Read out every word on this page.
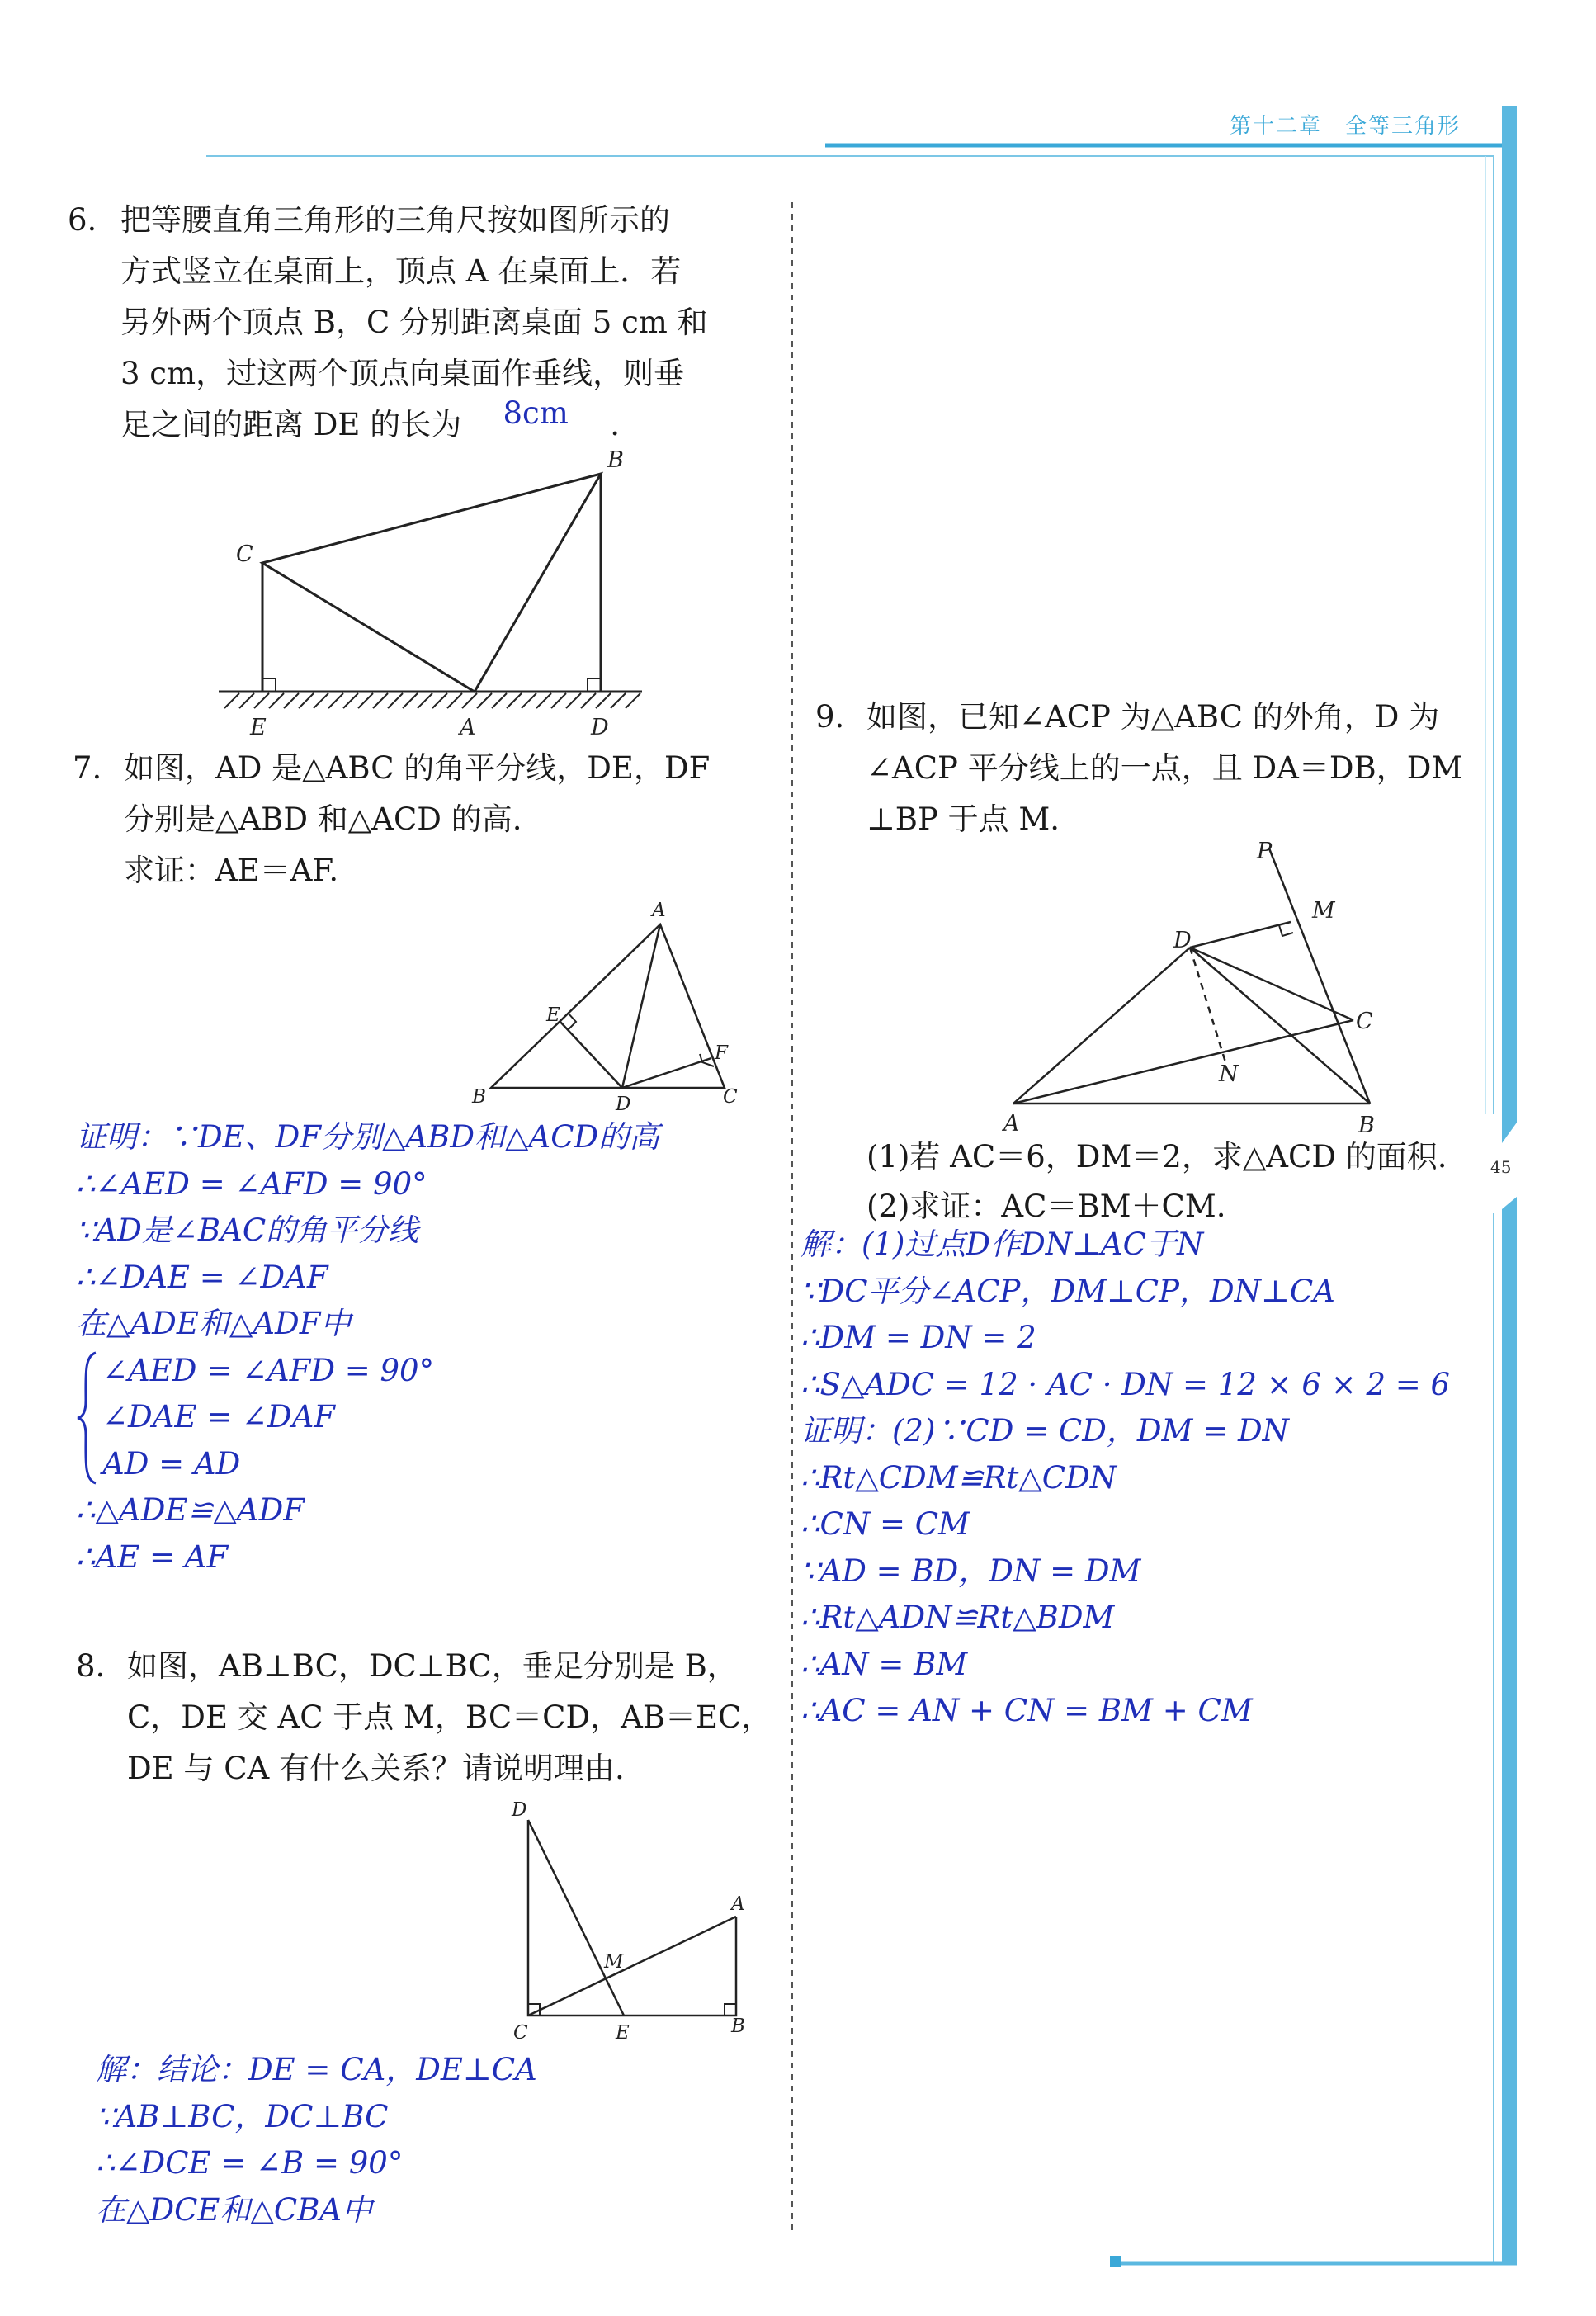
第十二章　全等三角形
45
6. 把等腰直角三角形的三角尺按如图所示的
方式竖立在桌面上，顶点 A 在桌面上．若
另外两个顶点 B，C 分别距离桌面 5 cm 和
3 cm，过这两个顶点向桌面作垂线，则垂
足之间的距离 DE 的长为 8cm .
B
C
E	A	D
7. 如图，AD 是△ABC 的角平分线，DE，DF
分别是△ABD 和△ACD 的高.
求证：AE＝AF.
A
E
F
B	D	C
证明：∵DE、DF分别△ABD和△ACD的高
∴∠AED = ∠AFD = 90°
∵AD是∠BAC的角平分线
∴∠DAE = ∠DAF
在△ADE和△ADF中
∠AED = ∠AFD = 90°
∠DAE = ∠DAF
AD = AD
∴△ADE≌△ADF
∴AE = AF
8. 如图，AB⊥BC，DC⊥BC，垂足分别是 B，
C，DE 交 AC 于点 M，BC＝CD，AB＝EC，
DE 与 CA 有什么关系？请说明理由.
D
A
M
C	E	B
解：结论：DE = CA，DE⊥CA
∵AB⊥BC，DC⊥BC
∴∠DCE = ∠B = 90°
在△DCE和△CBA中
9. 如图，已知∠ACP 为△ABC 的外角，D 为
∠ACP 平分线上的一点，且 DA＝DB，DM
⊥BP 于点 M.
P
M
D
C
N
A	B
(1)若 AC＝6，DM＝2，求△ACD 的面积.
(2)求证：AC＝BM＋CM.
解：(1)过点D作DN⊥AC于N
∵DC平分∠ACP，DM⊥CP，DN⊥CA
∴DM = DN = 2
∴S△ADC = 12 · AC · DN = 12 × 6 × 2 = 6
证明：(2)∵CD = CD，DM = DN
∴Rt△CDM≌Rt△CDN
∴CN = CM
∵AD = BD，DN = DM
∴Rt△ADN≌Rt△BDM
∴AN = BM
∴AC = AN + CN = BM + CM
